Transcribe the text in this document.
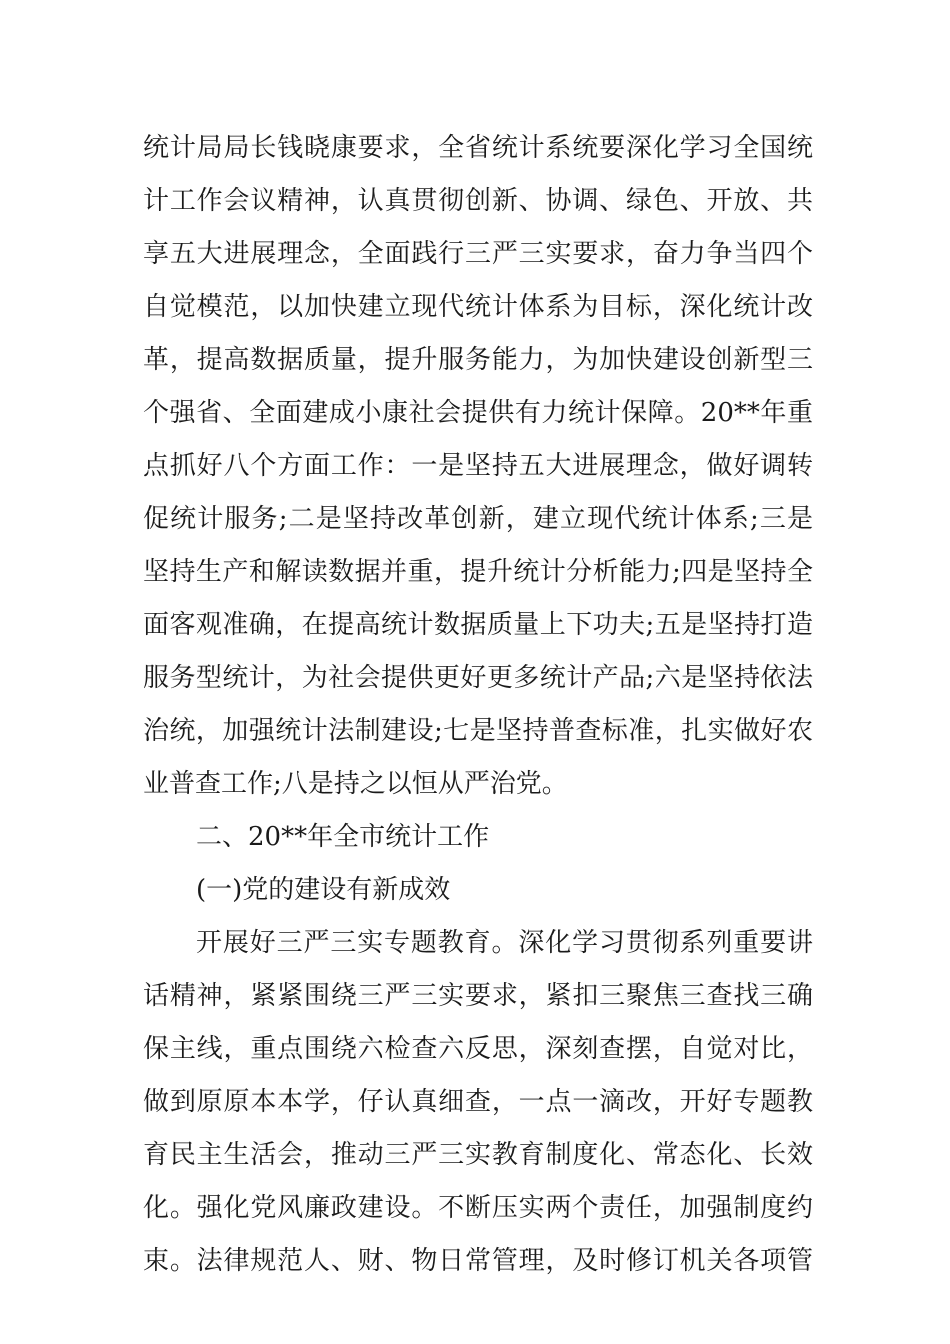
统计局局长钱晓康要求，全省统计系统要深化学习全国统
计工作会议精神，认真贯彻创新、协调、绿色、开放、共
享五大进展理念，全面践行三严三实要求，奋力争当四个
自觉模范，以加快建立现代统计体系为目标，深化统计改
革，提高数据质量，提升服务能力，为加快建设创新型三
个强省、全面建成小康社会提供有力统计保障。20**年重
点抓好八个方面工作：一是坚持五大进展理念，做好调转
促统计服务;二是坚持改革创新，建立现代统计体系;三是
坚持生产和解读数据并重，提升统计分析能力;四是坚持全
面客观准确，在提高统计数据质量上下功夫;五是坚持打造
服务型统计，为社会提供更好更多统计产品;六是坚持依法
治统，加强统计法制建设;七是坚持普查标准，扎实做好农
业普查工作;八是持之以恒从严治党。
二、20**年全市统计工作
(一)党的建设有新成效
开展好三严三实专题教育。深化学习贯彻系列重要讲
话精神，紧紧围绕三严三实要求，紧扣三聚焦三查找三确
保主线，重点围绕六检查六反思，深刻查摆，自觉对比，
做到原原本本学，仔认真细查，一点一滴改，开好专题教
育民主生活会，推动三严三实教育制度化、常态化、长效
化。强化党风廉政建设。不断压实两个责任，加强制度约
束。法律规范人、财、物日常管理，及时修订机关各项管
